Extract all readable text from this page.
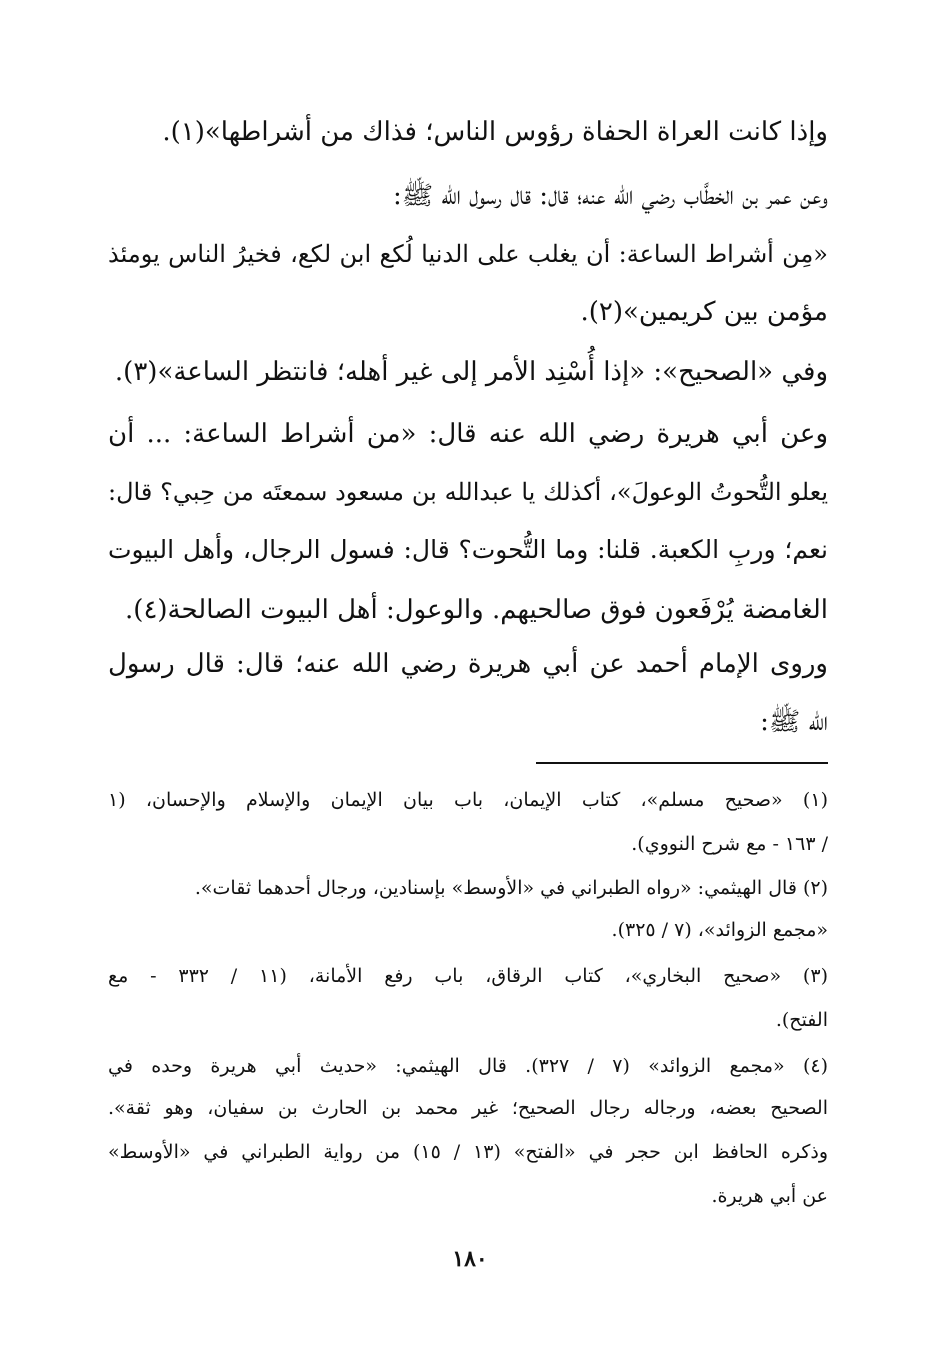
وإذا كانت العراة الحفاة رؤوس الناس؛ فذاك من أشراطها»(١).
وعن عمر بن الخطَّاب رضي الله عنه؛ قال: قال رسول الله ﷺ:
«مِن أشراط الساعة: أن يغلب على الدنيا لُكع ابن لكع، فخيرُ الناس يومئذ
مؤمن بين كريمين»(٢).
وفي «الصحيح»: «إذا أُسْنِد الأمر إلى غير أهله؛ فانتظر الساعة»(٣).
وعن أبي هريرة رضي الله عنه قال: «من أشراط الساعة: ... أن
يعلو التُّحوتُ الوعولَ»، أكذلك يا عبدالله بن مسعود سمعتَه من حِبي؟ قال:
نعم؛ وربِ الكعبة. قلنا: وما التُّحوت؟ قال: فسول الرجال، وأهل البيوت
الغامضة يُرْفَعون فوق صالحيهم. والوعول: أهل البيوت الصالحة(٤).
وروى الإمام أحمد عن أبي هريرة رضي الله عنه؛ قال: قال رسول
الله ﷺ:
(١) «صحيح مسلم»، كتاب الإيمان، باب بيان الإيمان والإسلام والإحسان، (١
/ ١٦٣ - مع شرح النووي).
(٢) قال الهيثمي: «رواه الطبراني في «الأوسط» بإسنادين، ورجال أحدهما ثقات».
«مجمع الزوائد»، (٧ / ٣٢٥).
(٣) «صحيح البخاري»، كتاب الرقاق، باب رفع الأمانة، (١١ / ٣٣٢ - مع
الفتح).
(٤) «مجمع الزوائد» (٧ / ٣٢٧). قال الهيثمي: «حديث أبي هريرة وحده في
الصحيح بعضه، ورجاله رجال الصحيح؛ غير محمد بن الحارث بن سفيان، وهو ثقة».
وذكره الحافظ ابن حجر في «الفتح» (١٣ / ١٥) من رواية الطبراني في «الأوسط»
عن أبي هريرة.
١٨٠
